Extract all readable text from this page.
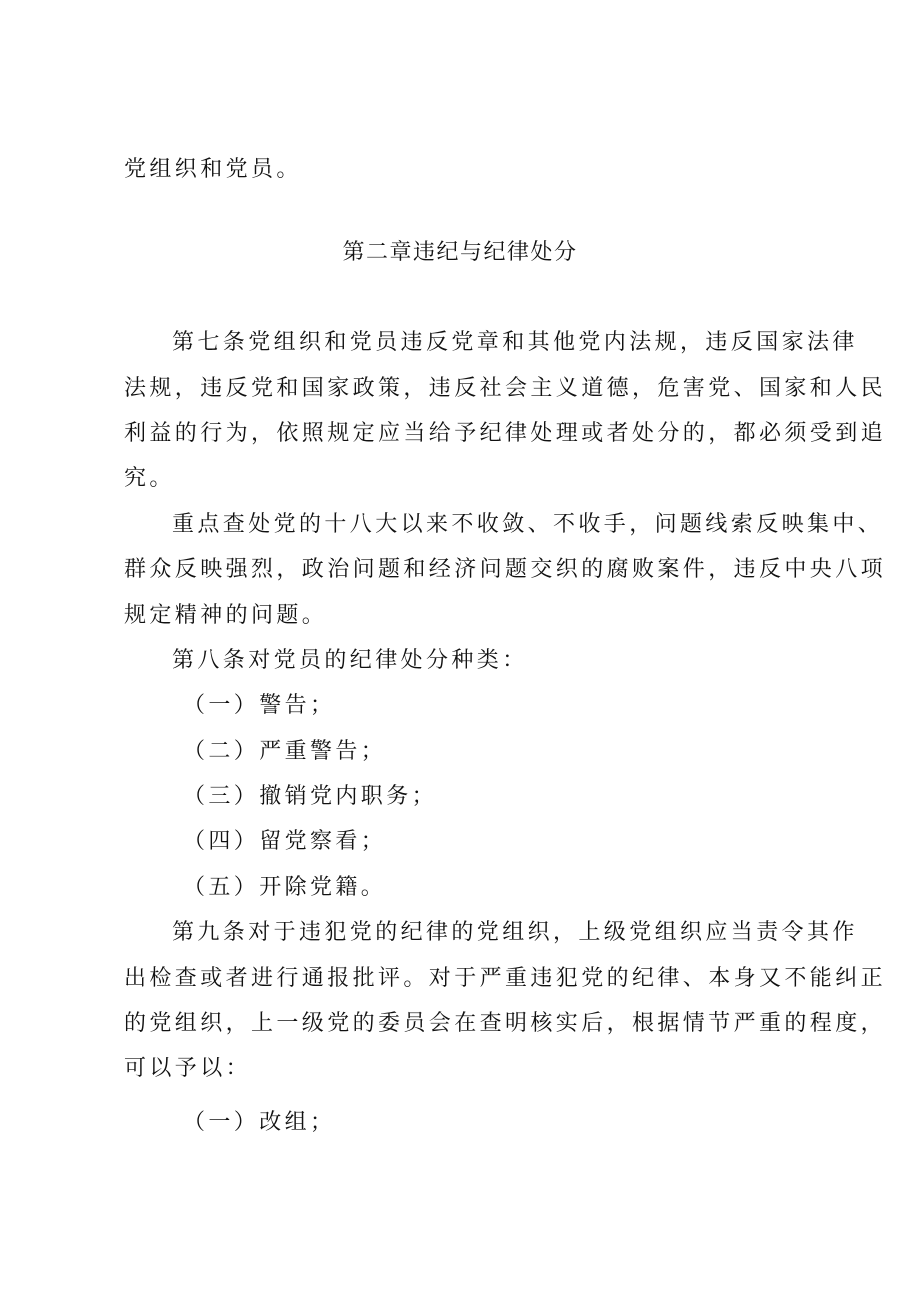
党组织和党员。

第二章违纪与纪律处分

第七条党组织和党员违反党章和其他党内法规，违反国家法律

法规，违反党和国家政策，违反社会主义道德，危害党、国家和人民

利益的行为，依照规定应当给予纪律处理或者处分的，都必须受到追

究。

重点查处党的十八大以来不收敛、不收手，问题线索反映集中、

群众反映强烈，政治问题和经济问题交织的腐败案件，违反中央八项

规定精神的问题。

第八条对党员的纪律处分种类：

（一）警告；

（二）严重警告；

（三）撤销党内职务；

（四）留党察看；

（五）开除党籍。

第九条对于违犯党的纪律的党组织，上级党组织应当责令其作

出检查或者进行通报批评。对于严重违犯党的纪律、本身又不能纠正

的党组织，上一级党的委员会在查明核实后，根据情节严重的程度，

可以予以：

（一）改组；
